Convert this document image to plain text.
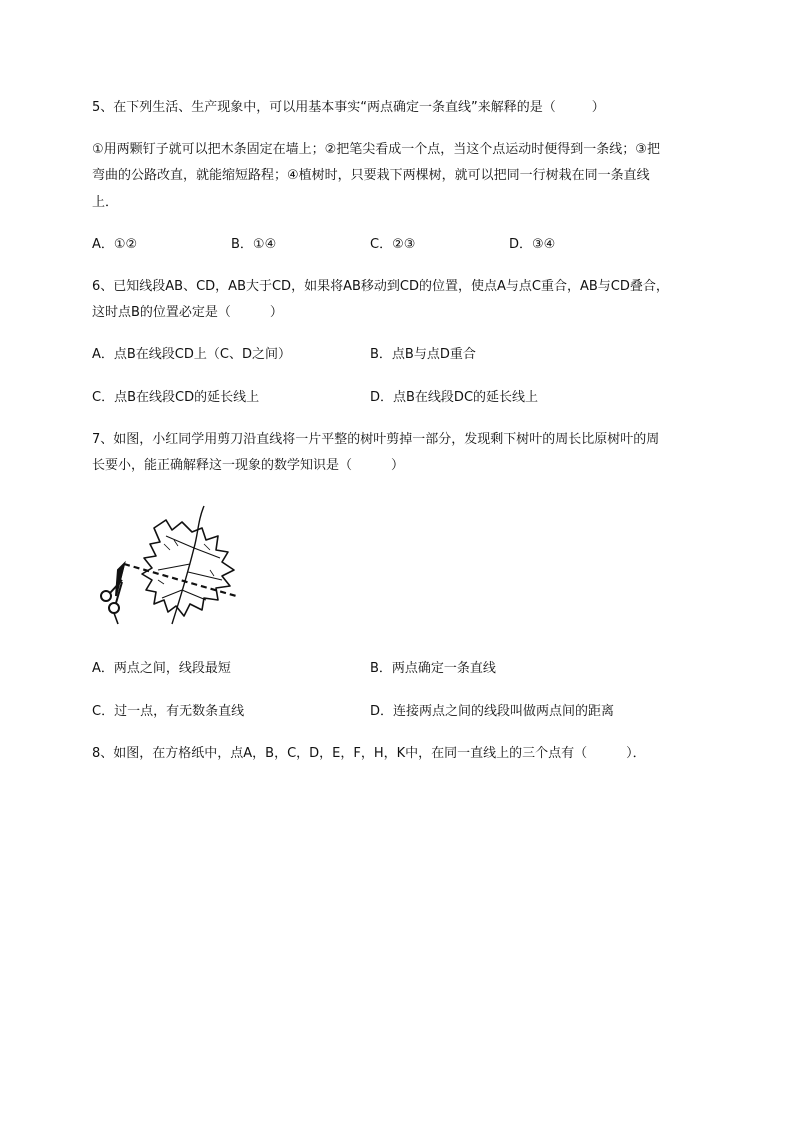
5、在下列生活、生产现象中，可以用基本事实“两点确定一条直线”来解释的是（	）
①用两颗钉子就可以把木条固定在墙上；②把笔尖看成一个点，当这个点运动时便得到一条线；③把
弯曲的公路改直，就能缩短路程；④植树时，只要栽下两棵树，就可以把同一行树栽在同一条直线
上．
A．①②	B．①④	C．②③	D．③④
6、已知线段AB、CD，AB大于CD，如果将AB移动到CD的位置，使点A与点C重合，AB与CD叠合，
这时点B的位置必定是（　　　）
A．点B在线段CD上（C、D之间）	B．点B与点D重合
C．点B在线段CD的延长线上	D．点B在线段DC的延长线上
7、如图，小红同学用剪刀沿直线将一片平整的树叶剪掉一部分，发现剩下树叶的周长比原树叶的周
长要小，能正确解释这一现象的数学知识是（　　　）
A．两点之间，线段最短	B．两点确定一条直线
C．过一点，有无数条直线	D．连接两点之间的线段叫做两点间的距离
8、如图，在方格纸中，点A，B，C，D，E，F，H，K中，在同一直线上的三个点有（　　　）．
